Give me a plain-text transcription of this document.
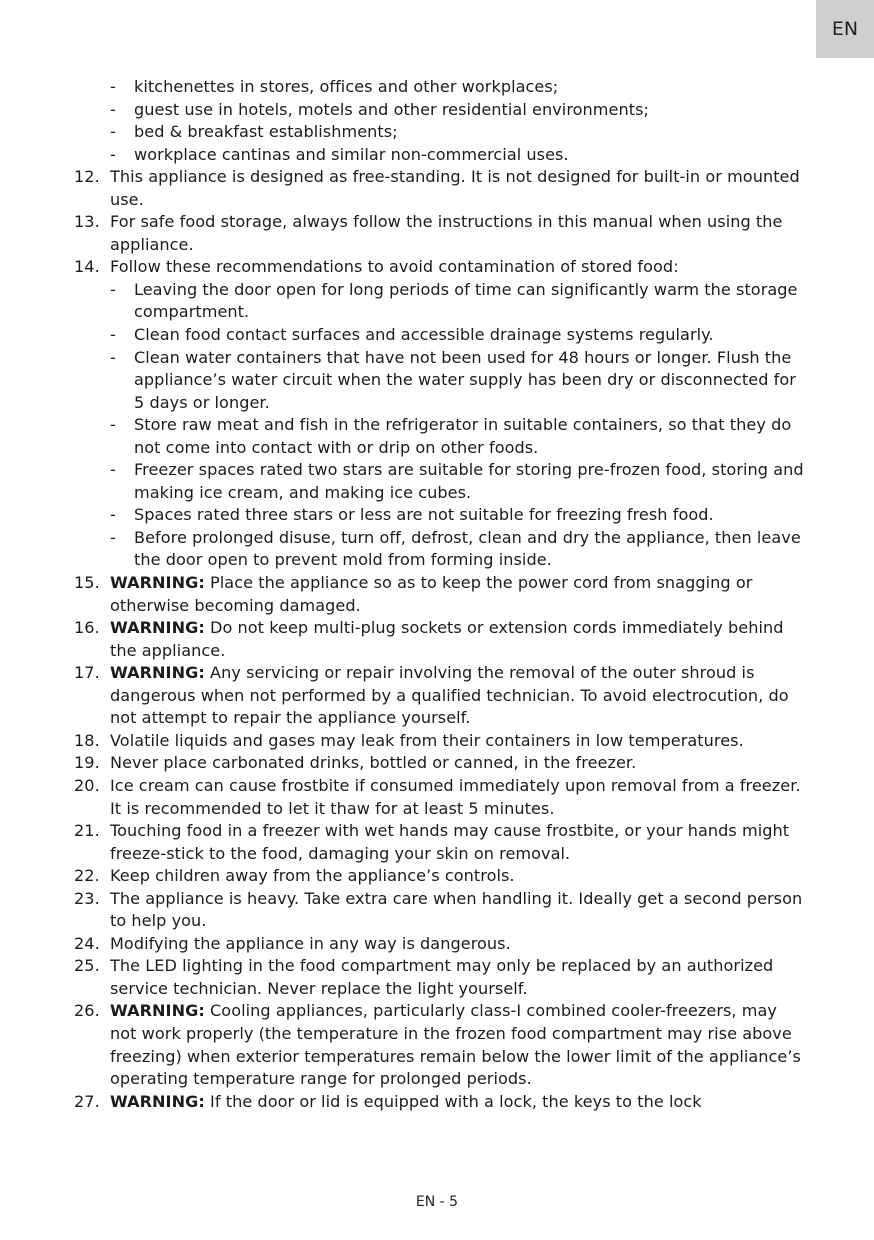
EN
-	kitchenettes in stores, offices and other workplaces;
-	guest use in hotels, motels and other residential environments;
-	bed & breakfast establishments;
-	workplace cantinas and similar non-commercial uses.
12. This appliance is designed as free-standing. It is not designed for built-in or mounted use.
13. For safe food storage, always follow the instructions in this manual when using the appliance.
14. Follow these recommendations to avoid contamination of stored food:
-	Leaving the door open for long periods of time can significantly warm the storage compartment.
-	Clean food contact surfaces and accessible drainage systems regularly.
-	Clean water containers that have not been used for 48 hours or longer. Flush the appliance’s water circuit when the water supply has been dry or disconnected for 5 days or longer.
-	Store raw meat and fish in the refrigerator in suitable containers, so that they do not come into contact with or drip on other foods.
-	Freezer spaces rated two stars are suitable for storing pre-frozen food, storing and making ice cream, and making ice cubes.
-	Spaces rated three stars or less are not suitable for freezing fresh food.
-	Before prolonged disuse, turn off, defrost, clean and dry the appliance, then leave the door open to prevent mold from forming inside.
15. WARNING: Place the appliance so as to keep the power cord from snagging or otherwise becoming damaged.
16. WARNING: Do not keep multi-plug sockets or extension cords immediately behind the appliance.
17. WARNING: Any servicing or repair involving the removal of the outer shroud is dangerous when not performed by a qualified technician. To avoid electrocution, do not attempt to repair the appliance yourself.
18. Volatile liquids and gases may leak from their containers in low temperatures.
19. Never place carbonated drinks, bottled or canned, in the freezer.
20. Ice cream can cause frostbite if consumed immediately upon removal from a freezer. It is recommended to let it thaw for at least 5 minutes.
21. Touching food in a freezer with wet hands may cause frostbite, or your hands might freeze-stick to the food, damaging your skin on removal.
22. Keep children away from the appliance’s controls.
23. The appliance is heavy. Take extra care when handling it. Ideally get a second person to help you.
24. Modifying the appliance in any way is dangerous.
25. The LED lighting in the food compartment may only be replaced by an authorized service technician. Never replace the light yourself.
26. WARNING: Cooling appliances, particularly class-I combined cooler-freezers, may not work properly (the temperature in the frozen food compartment may rise above freezing) when exterior temperatures remain below the lower limit of the appliance’s operating temperature range for prolonged periods.
27. WARNING: If the door or lid is equipped with a lock, the keys to the lock
EN - 5
